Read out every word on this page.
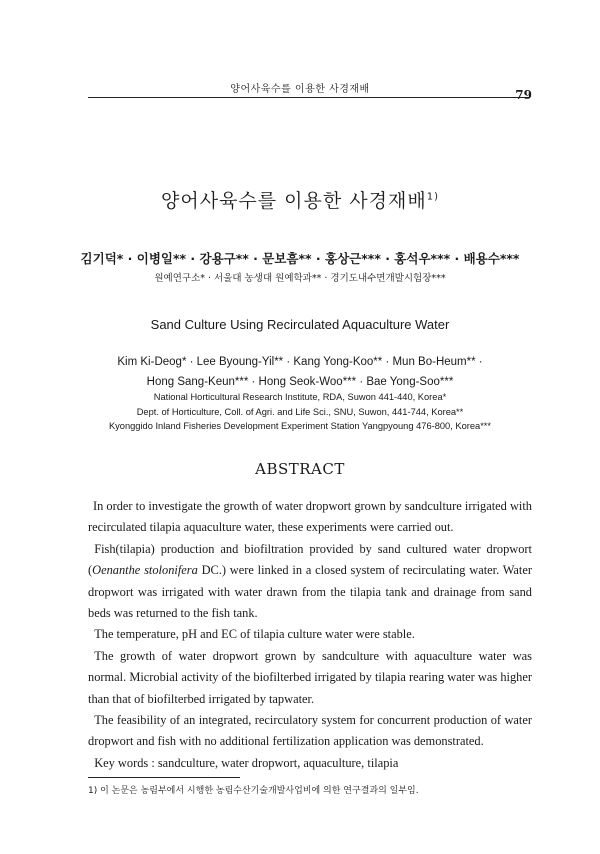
양어사육수를 이용한 사경재배	79
양어사육수를 이용한 사경재배$^{1)}$
김기덕* · 이병일** · 강용구** · 문보흠** · 홍상근*** · 홍석우*** · 배용수***
원예연구소* · 서울대 농생대 원예학과** · 경기도내수면개발시험장***
Sand Culture Using Recirculated Aquaculture Water
Kim Ki-Deog* · Lee Byoung-Yil** · Kang Yong-Koo** · Mun Bo-Heum** ·
Hong Sang-Keun*** · Hong Seok-Woo*** · Bae Yong-Soo***
National Horticultural Research Institute, RDA, Suwon 441-440, Korea*
Dept. of Horticulture, Coll. of Agri. and Life Sci., SNU, Suwon, 441-744, Korea**
Kyonggido Inland Fisheries Development Experiment Station Yangpyoung 476-800, Korea***
ABSTRACT

In order to investigate the growth of water dropwort grown by sandculture irrigated with recirculated tilapia aquaculture water, these experiments were carried out.

Fish(tilapia) production and biofiltration provided by sand cultured water dropwort (Oenanthe stolonifera DC.) were linked in a closed system of recirculating water. Water dropwort was irrigated with water drawn from the tilapia tank and drainage from sand beds was returned to the fish tank.

The temperature, pH and EC of tilapia culture water were stable.

The growth of water dropwort grown by sandculture with aquaculture water was normal. Microbial activity of the biofilterbed irrigated by tilapia rearing water was higher than that of biofilterbed irrigated by tapwater.

The feasibility of an integrated, recirculatory system for concurrent production of water dropwort and fish with no additional fertilization application was demonstrated.

Key words : sandculture, water dropwort, aquaculture, tilapia

1) 이 논문은 농림부에서 시행한 농림수산기술개발사업비에 의한 연구결과의 일부임.
